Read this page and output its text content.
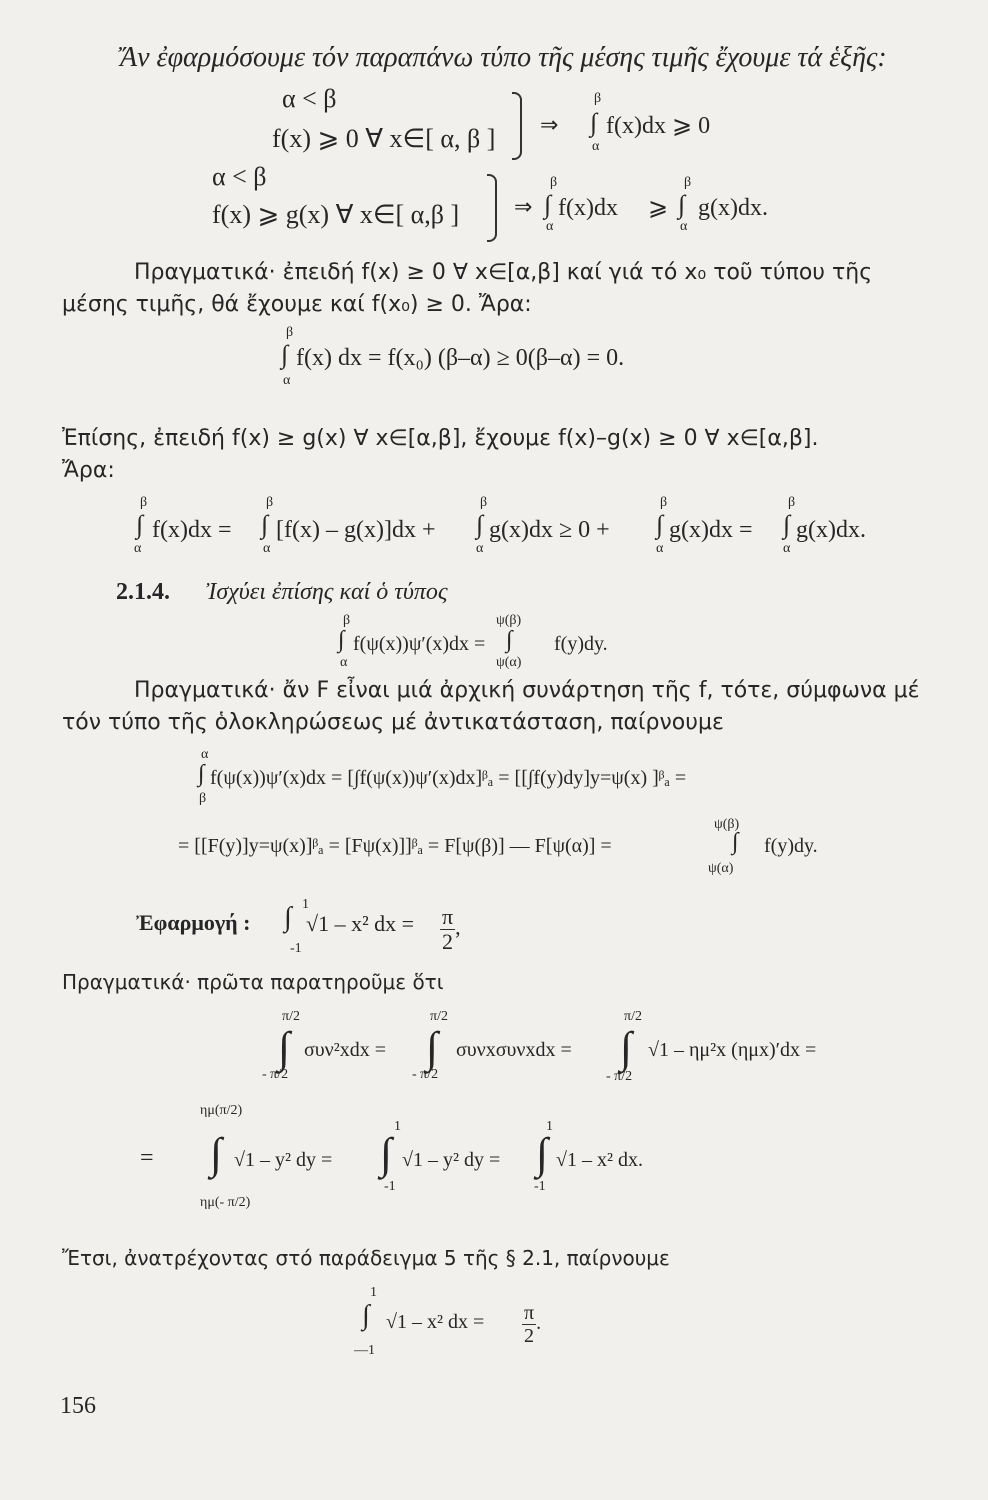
Ἄν ἐφαρμόσουμε τόν παραπάνω τύπο τῆς μέσης τιμῆς ἔχουμε τά ἑξῆς:
α < β
f(x) ⩾ 0 ∀ x∈[ α, β ] ⇒
β
∫
α
f(x)dx ⩾ 0
α < β
f(x) ⩾ g(x) ∀ x∈[ α,β ] ⇒
β
∫
α
f(x)dx ⩾
β
∫
α
g(x)dx.
Πραγματικά· ἐπειδή f(x) ≥ 0 ∀ x∈[α,β] καί γιά τό x₀ τοῦ τύπου τῆς
μέσης τιμῆς, θά ἔχουμε καί f(x₀) ≥ 0. Ἄρα:
β
∫
α
f(x) dx = f(x₀) (β–α) ≥ 0(β–α) = 0.
Ἐπίσης, ἐπειδή f(x) ≥ g(x) ∀ x∈[α,β], ἔχουμε f(x)–g(x) ≥ 0 ∀ x∈[α,β].
Ἄρα:
β
∫
α
f(x)dx =
β
∫
α
[f(x) – g(x)]dx +
β
∫
α
g(x)dx ≥ 0 +
β
∫
α
g(x)dx =
β
∫
α
g(x)dx.
2.1.4. Ἰσχύει ἐπίσης καί ὁ τύπος
β
∫
α
f(ψ(x))ψ′(x)dx =
ψ(β)
∫
ψ(α)
f(y)dy.
Πραγματικά· ἄν F εἶναι μιά ἀρχική συνάρτηση τῆς f, τότε, σύμφωνα μέ
τόν τύπο τῆς ὁλοκληρώσεως μέ ἀντικατάσταση, παίρνουμε
α
∫
β
f(ψ(x))ψ′(x)dx = [∫f(ψ(x))ψ′(x)dx]ᵝₐ = [[∫f(y)dy]y=ψ(x) ]ᵝₐ =
= [[F(y)]y=ψ(x)]ᵝₐ = [Fψ(x)]]ᵝₐ = F[ψ(β)] — F[ψ(α)] =
ψ(β)
∫
ψ(α)
f(y)dy.
Ἐφαρμογή :
1
∫
-1
√1 – x² dx = $\frac{\pi}{2}$ ,
Πραγματικά· πρῶτα παρατηροῦμε ὅτι
π/2
∫
- π/2
συν²xdx =
π/2
∫
- π/2
συνxσυνxdx =
π/2
∫
- π/2
√1 – ημ²x (ημx)′dx =
ημ(π/2)
= ∫
ημ(- π/2)
√1 – y² dy =
1
∫
-1
√1 – y² dy =
1
∫
-1
√1 – x² dx.
Ἔτσι, ἀνατρέχοντας στό παράδειγμα 5 τῆς § 2.1, παίρνουμε
1
∫
—1
√1 – x² dx = $\frac{\pi}{2}$ .
156
